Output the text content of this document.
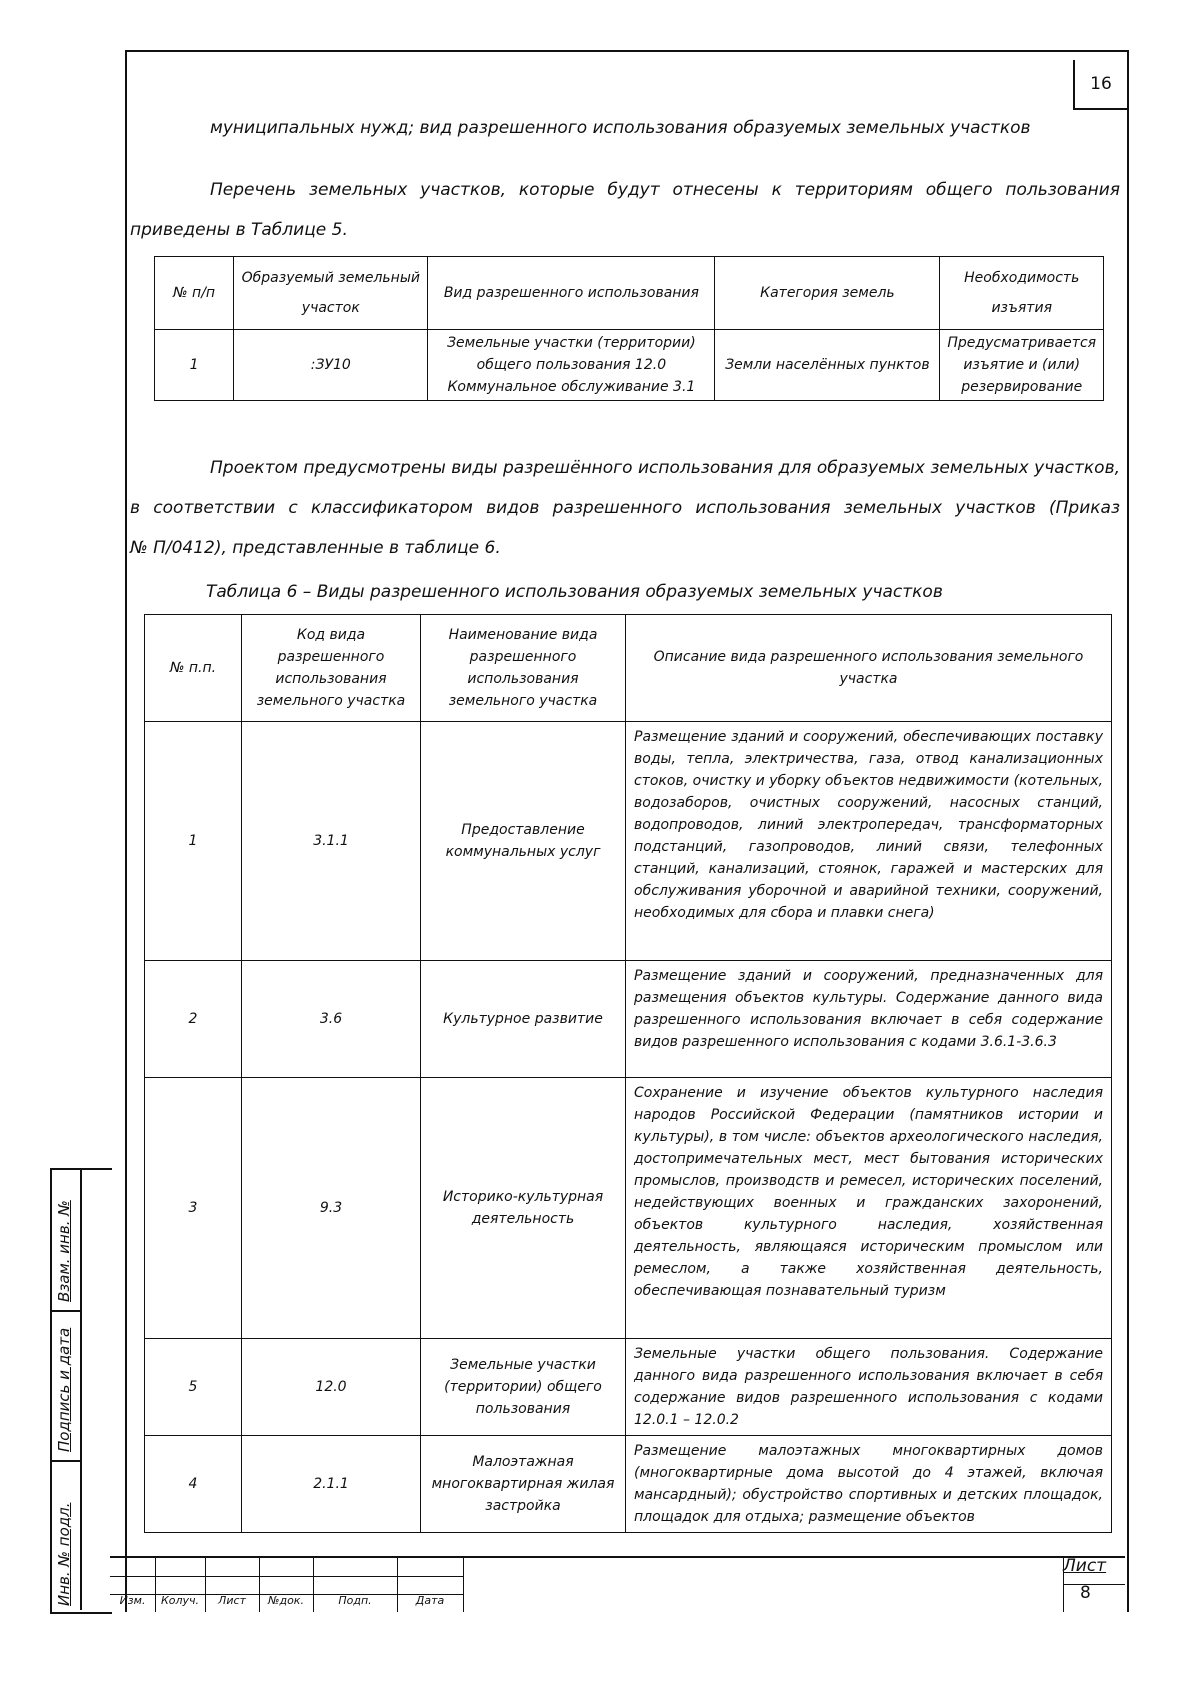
16
муниципальных нужд; вид разрешенного использования образуемых земельных участков
Перечень земельных участков, которые будут отнесены к территориям общего пользования
приведены в Таблице 5.
№ п/п	Образуемый земельный участок	Вид разрешенного использования	Категория земель	Необходимость изъятия
1	:ЗУ10	Земельные участки (территории) общего пользования 12.0 Коммунальное обслуживание 3.1	Земли населённых пунктов	Предусматривается изъятие и (или) резервирование
Проектом предусмотрены виды разрешённого использования для образуемых земельных участков,
в соответствии с классификатором видов разрешенного использования земельных участков (Приказ
№ П/0412), представленные в таблице 6.
Таблица 6 – Виды разрешенного использования образуемых земельных участков
№ п.п.	Код вида разрешенного использования земельного участка	Наименование вида разрешенного использования земельного участка	Описание вида разрешенного использования земельного участка
1	3.1.1	Предоставление коммунальных услуг	Размещение зданий и сооружений, обеспечивающих поставку воды, тепла, электричества, газа, отвод канализационных стоков, очистку и уборку объектов недвижимости (котельных, водозаборов, очистных сооружений, насосных станций, водопроводов, линий электропередач, трансформаторных подстанций, газопроводов, линий связи, телефонных станций, канализаций, стоянок, гаражей и мастерских для обслуживания уборочной и аварийной техники, сооружений, необходимых для сбора и плавки снега)
2	3.6	Культурное развитие	Размещение зданий и сооружений, предназначенных для размещения объектов культуры. Содержание данного вида разрешенного использования включает в себя содержание видов разрешенного использования с кодами 3.6.1-3.6.3
3	9.3	Историко-культурная деятельность	Сохранение и изучение объектов культурного наследия народов Российской Федерации (памятников истории и культуры), в том числе: объектов археологического наследия, достопримечательных мест, мест бытования исторических промыслов, производств и ремесел, исторических поселений, недействующих военных и гражданских захоронений, объектов культурного наследия, хозяйственная деятельность, являющаяся историческим промыслом или ремеслом, а также хозяйственная деятельность, обеспечивающая познавательный туризм
5	12.0	Земельные участки (территории) общего пользования	Земельные участки общего пользования. Содержание данного вида разрешенного использования включает в себя содержание видов разрешенного использования с кодами 12.0.1 – 12.0.2
4	2.1.1	Малоэтажная многоквартирная жилая застройка	Размещение малоэтажных многоквартирных домов (многоквартирные дома высотой до 4 этажей, включая мансардный); обустройство спортивных и детских площадок, площадок для отдыха; размещение объектов
Взам. инв. №
Подпись и дата
Инв. № подл.	Изм.	Колуч.	Лист	№док.	Подп.	Дата
Лист
8
